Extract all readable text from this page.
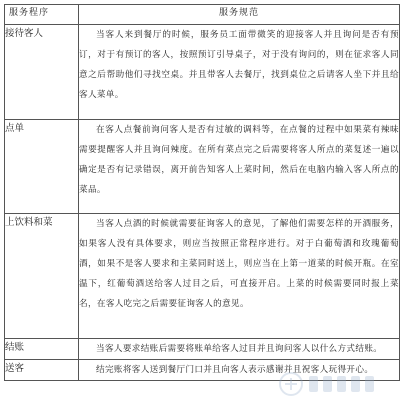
服务程序	服务规范
接待客人	当客人来到餐厅的时候，服务员工面带微笑的迎接客人并且询问是否有预订，对于有预订的客人，按照预订引导桌子，对于没有询问的，则在征求客人同意之后帮助他们寻找空桌。并且带客人去餐厅，找到桌位之后请客人坐下并且给客人菜单。
点单	在客人点餐前询问客人是否有过敏的调料等，在点餐的过程中如果菜有辣味需要提醒客人并且询问辣度。在所有菜点完之后需要将客人所点的菜复述一遍以确定是否有记录错误，离开前告知客人上菜时间，然后在电脑内输入客人所点的菜品。
上饮料和菜	当客人点酒的时候就需要征询客人的意见，了解他们需要怎样的开酒服务，如果客人没有具体要求，则应当按照正常程序进行。对于白葡萄酒和玫瑰葡萄酒，如果不是客人要求和主菜同时送上，则应当在上第一道菜的时候开瓶。在室温下，红葡萄酒送给客人过目之后，可直接开启。上菜的时候需要同时报上菜名，在客人吃完之后需要征询客人的意见。
结账	当客人要求结账后需要将账单给客人过目并且询问客人以什么方式结账。
送客	结完账将客人送到餐厅门口并且向客人表示感谢并且祝客人玩得开心。
